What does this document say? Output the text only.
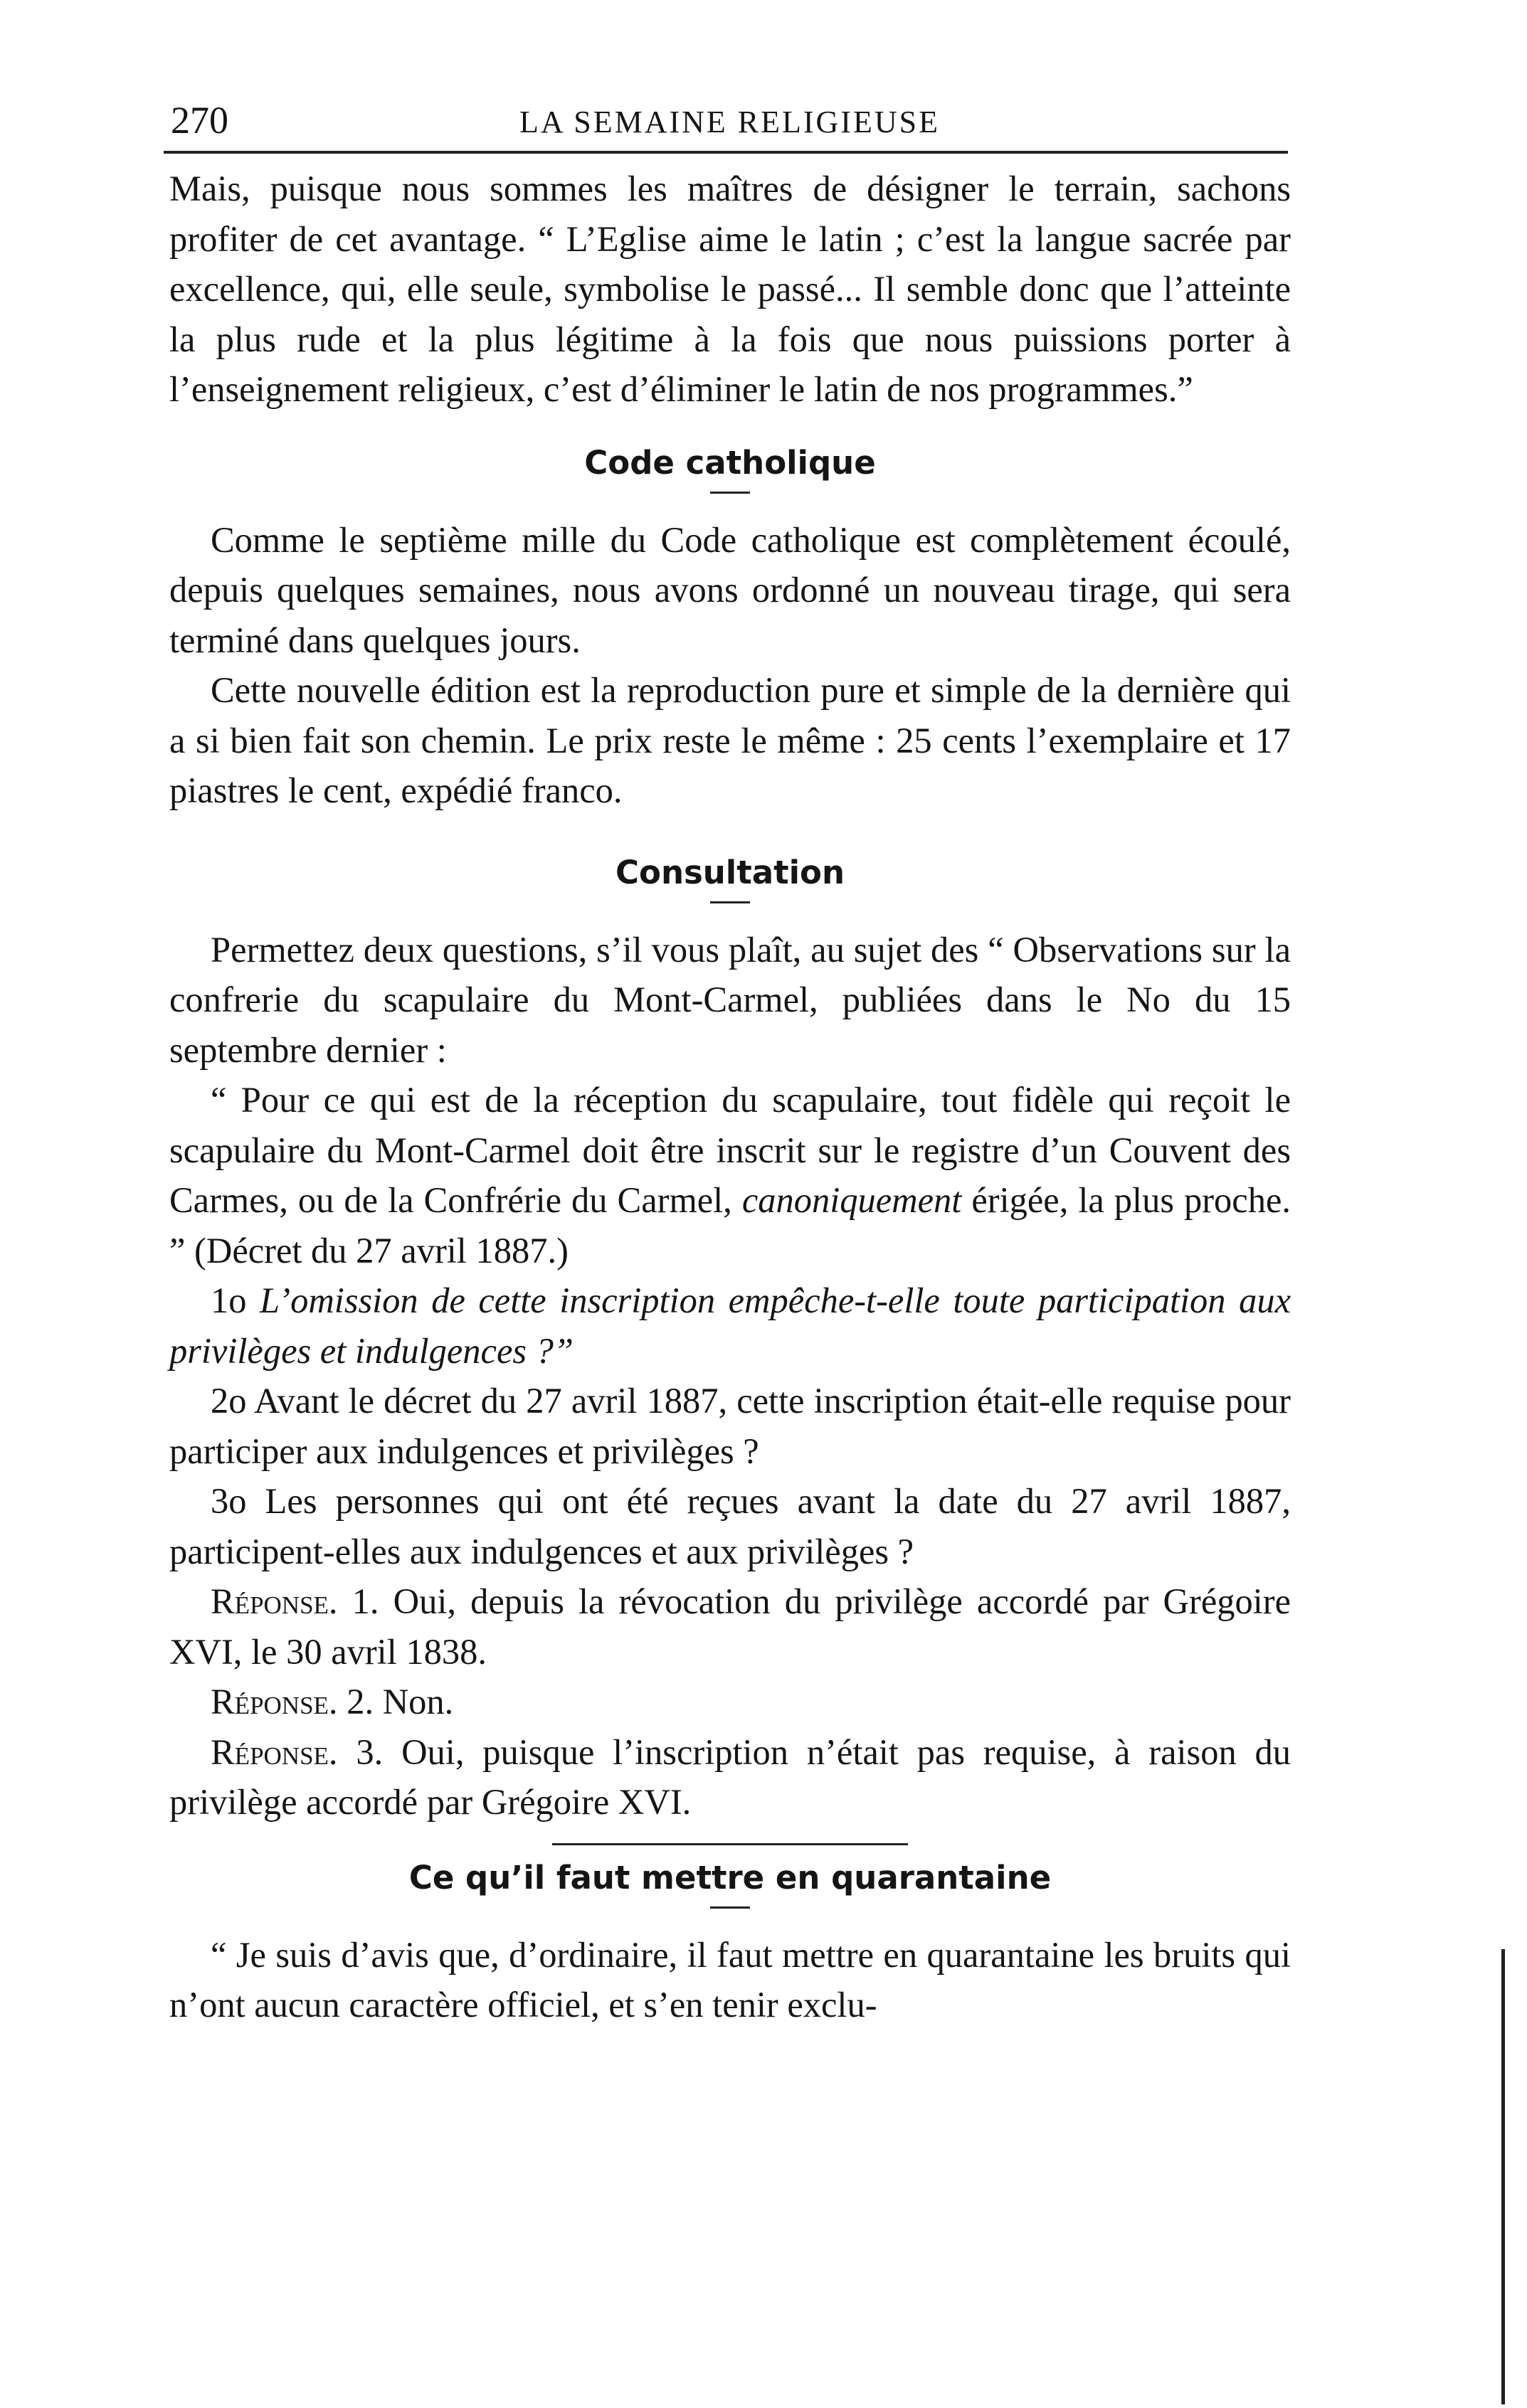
270	LA SEMAINE RELIGIEUSE

Mais, puisque nous sommes les maîtres de désigner le terrain, sachons profiter de cet avantage. “ L’Eglise aime le latin ; c’est la langue sacrée par excellence, qui, elle seule, symbolise le passé... Il semble donc que l’atteinte la plus rude et la plus légitime à la fois que nous puissions porter à l’enseignement religieux, c’est d’éliminer le latin de nos programmes.”

Code catholique

Comme le septième mille du Code catholique est complètement écoulé, depuis quelques semaines, nous avons ordonné un nouveau tirage, qui sera terminé dans quelques jours.

Cette nouvelle édition est la reproduction pure et simple de la dernière qui a si bien fait son chemin. Le prix reste le même : 25 cents l’exemplaire et 17 piastres le cent, expédié franco.

Consultation

Permettez deux questions, s’il vous plaît, au sujet des “ Observations sur la confrerie du scapulaire du Mont-Carmel, publiées dans le No du 15 septembre dernier :

“ Pour ce qui est de la réception du scapulaire, tout fidèle qui reçoit le scapulaire du Mont-Carmel doit être inscrit sur le registre d’un Couvent des Carmes, ou de la Confrérie du Carmel, canoniquement érigée, la plus proche. ” (Décret du 27 avril 1887.)

1o L’omission de cette inscription empêche-t-elle toute participation aux privilèges et indulgences ?”

2o Avant le décret du 27 avril 1887, cette inscription était-elle requise pour participer aux indulgences et privilèges ?

3o Les personnes qui ont été reçues avant la date du 27 avril 1887, participent-elles aux indulgences et aux privilèges ?

Réponse. 1. Oui, depuis la révocation du privilège accordé par Grégoire XVI, le 30 avril 1838.

Réponse. 2. Non.

Réponse. 3. Oui, puisque l’inscription n’était pas requise, à raison du privilège accordé par Grégoire XVI.

Ce qu’il faut mettre en quarantaine

“ Je suis d’avis que, d’ordinaire, il faut mettre en quarantaine les bruits qui n’ont aucun caractère officiel, et s’en tenir exclu-
